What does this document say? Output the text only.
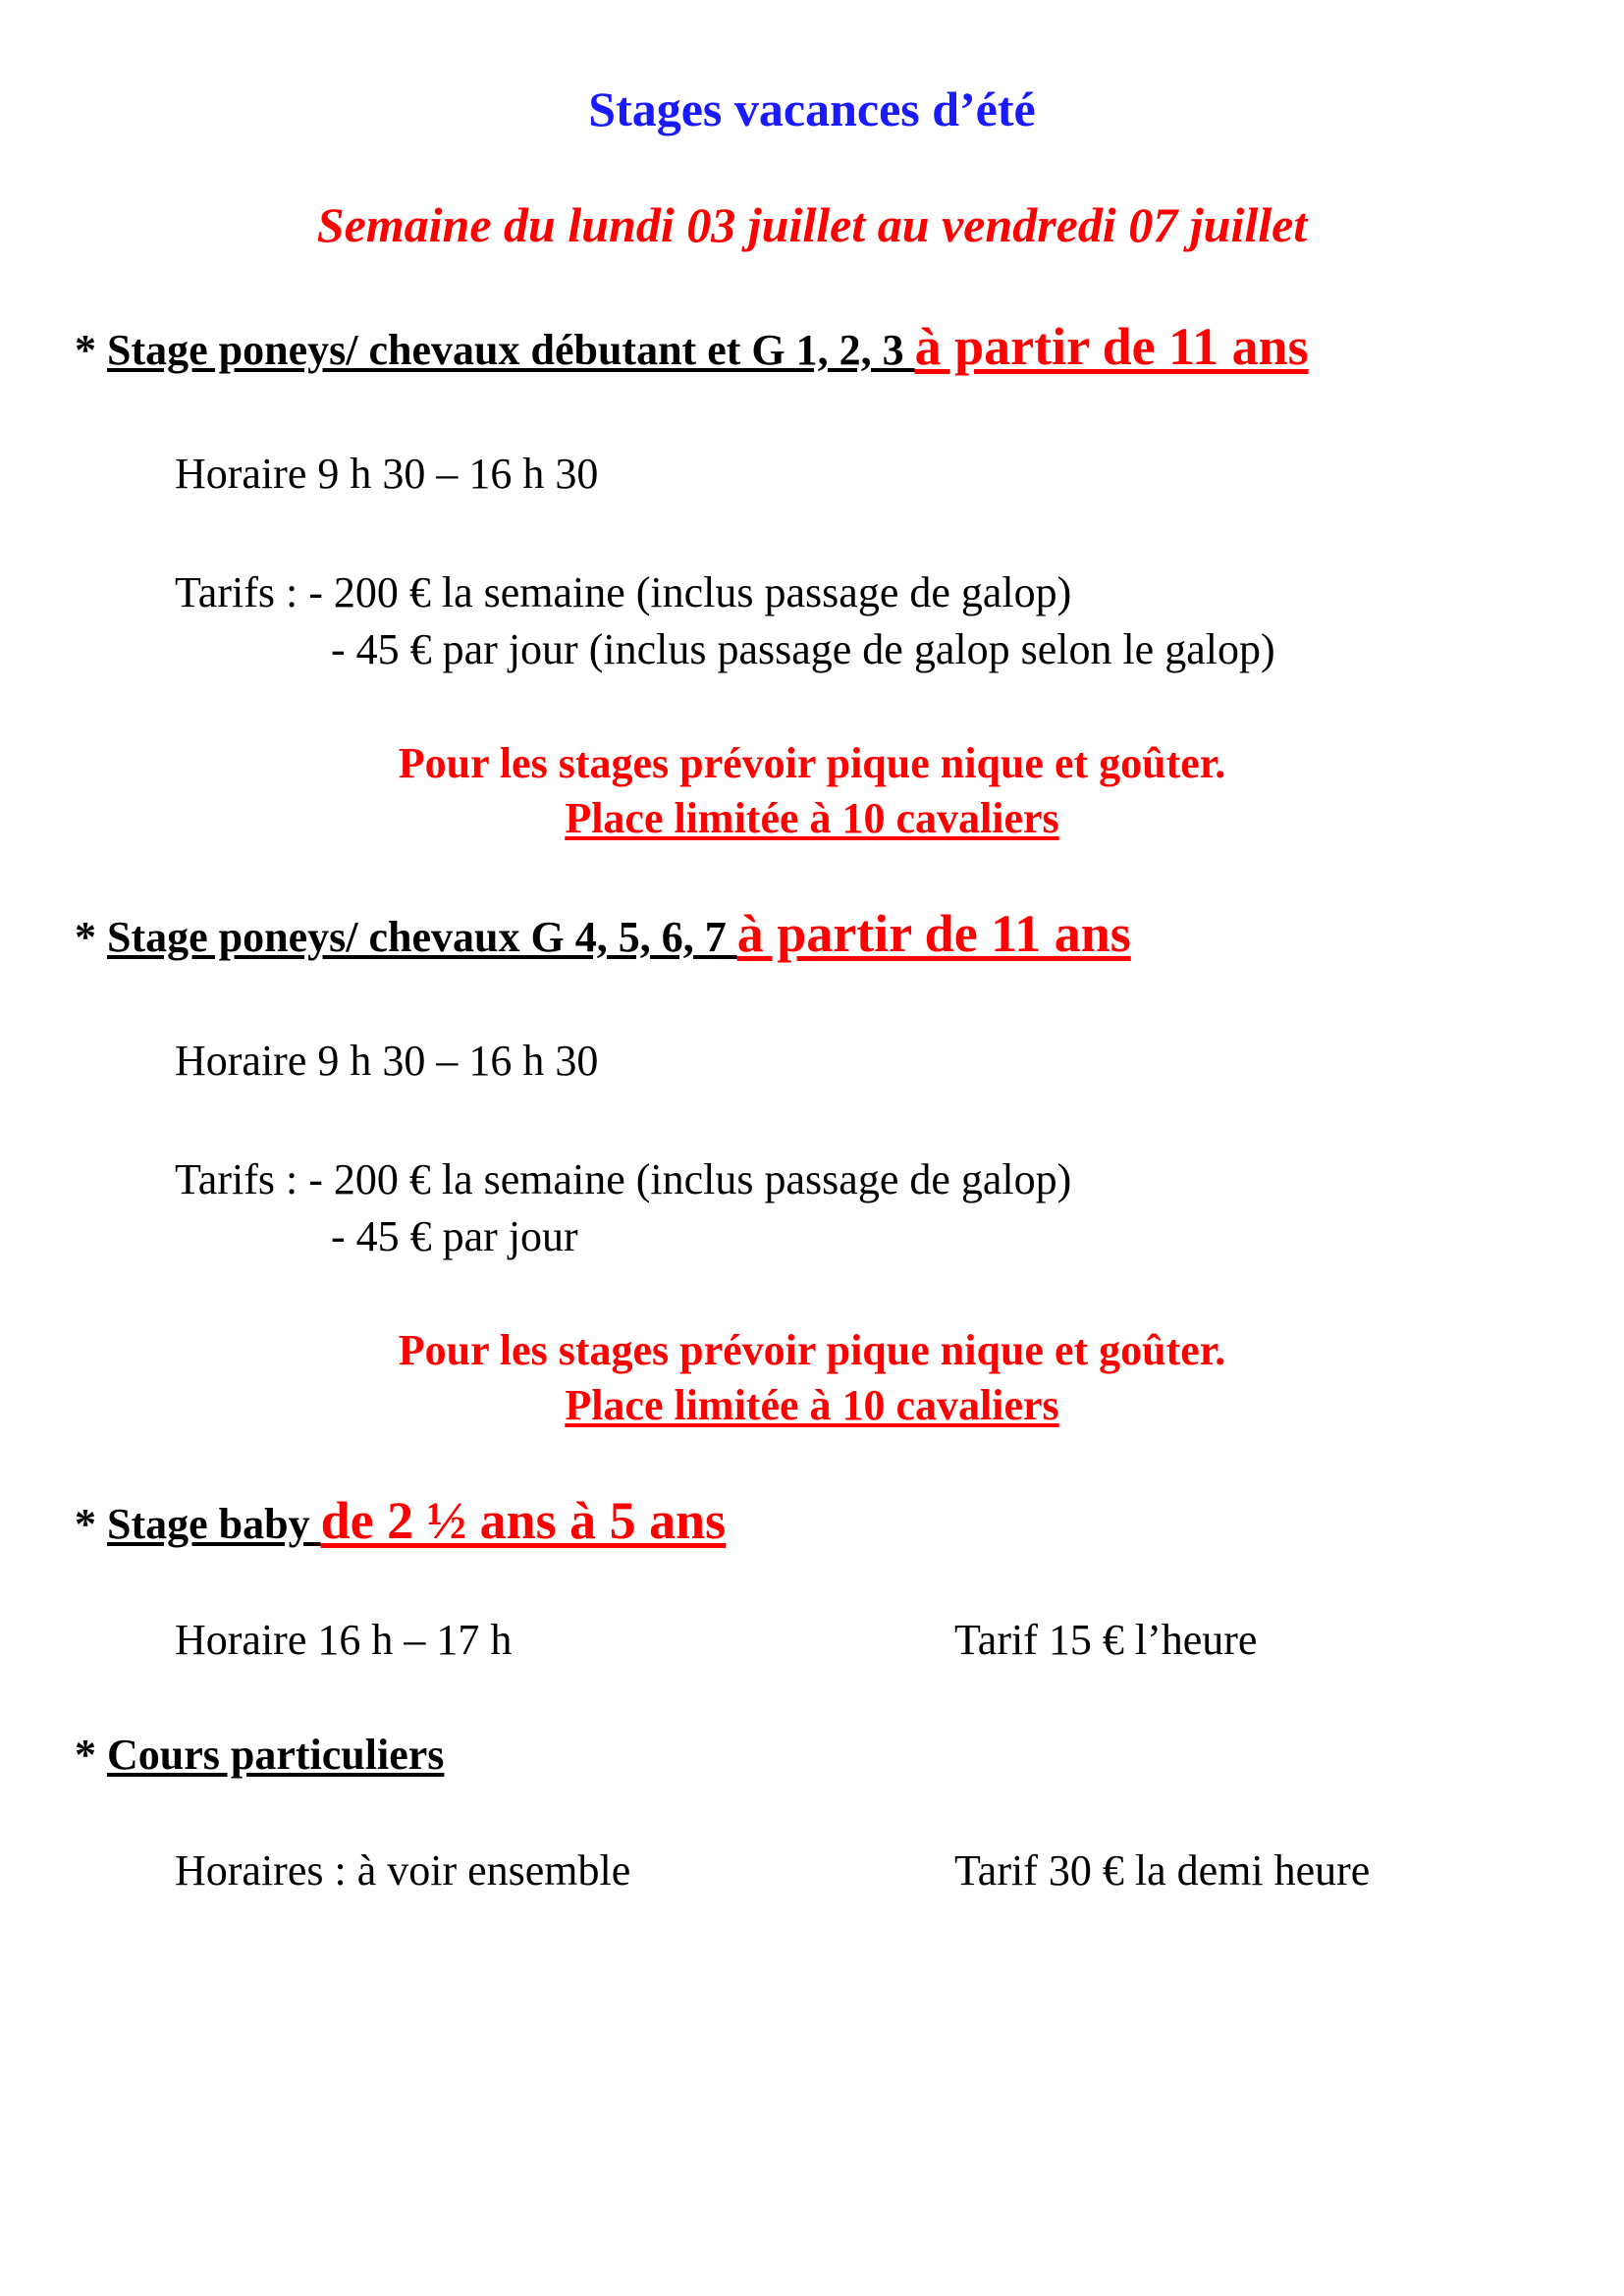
Stages vacances d’été
Semaine du lundi 03 juillet au vendredi 07 juillet
* Stage poneys/ chevaux débutant et G 1, 2, 3 à partir de 11 ans
Horaire 9 h 30 – 16 h 30
Tarifs : - 200 € la semaine (inclus passage de galop)
- 45 € par jour (inclus passage de galop selon le galop)
Pour les stages prévoir pique nique et goûter.
Place limitée à 10 cavaliers
* Stage poneys/ chevaux G 4, 5, 6, 7 à partir de 11 ans
Horaire 9 h 30 – 16 h 30
Tarifs : - 200 € la semaine (inclus passage de galop)
- 45 € par jour
Pour les stages prévoir pique nique et goûter.
Place limitée à 10 cavaliers
* Stage baby de 2 ½ ans à 5 ans
Horaire 16 h – 17 h	Tarif 15 € l’heure
* Cours particuliers
Horaires : à voir ensemble	Tarif 30 € la demi heure
